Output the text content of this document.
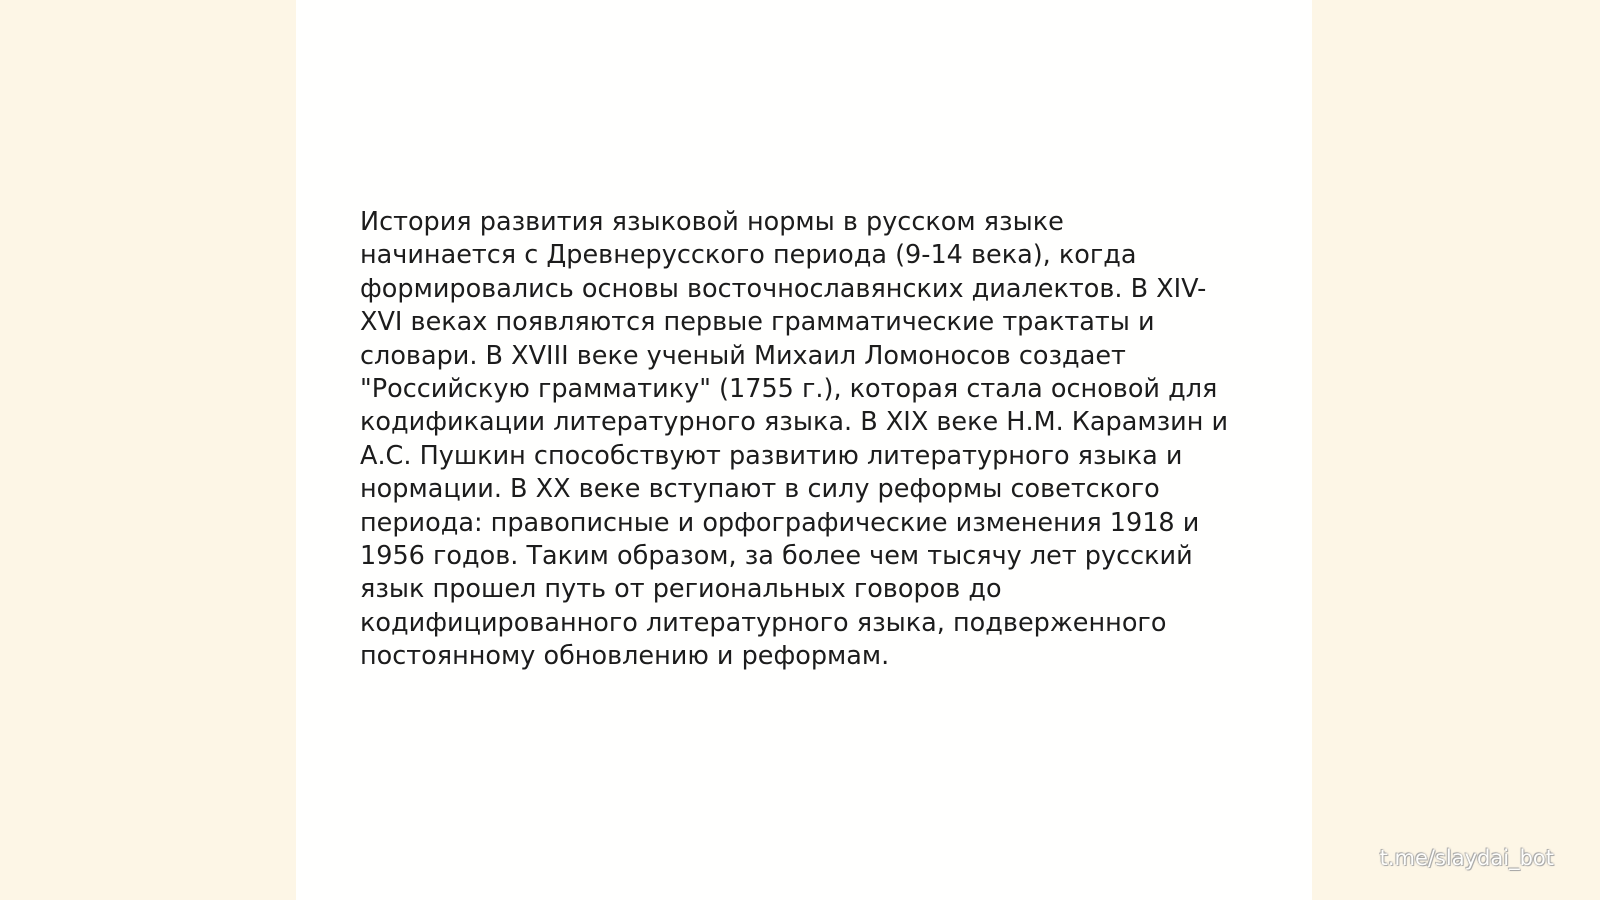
История развития языковой нормы в русском языке
начинается с Древнерусского периода (9-14 века), когда
формировались основы восточнославянских диалектов. В XIV-
XVI веках появляются первые грамматические трактаты и
словари. В XVIII веке ученый Михаил Ломоносов создает
"Российскую грамматику" (1755 г.), которая стала основой для
кодификации литературного языка. В XIX веке Н.М. Карамзин и
А.С. Пушкин способствуют развитию литературного языка и
нормации. В XX веке вступают в силу реформы советского
периода: правописные и орфографические изменения 1918 и
1956 годов. Таким образом, за более чем тысячу лет русский
язык прошел путь от региональных говоров до
кодифицированного литературного языка, подверженного
постоянному обновлению и реформам.

t.me/slaydai_bot
